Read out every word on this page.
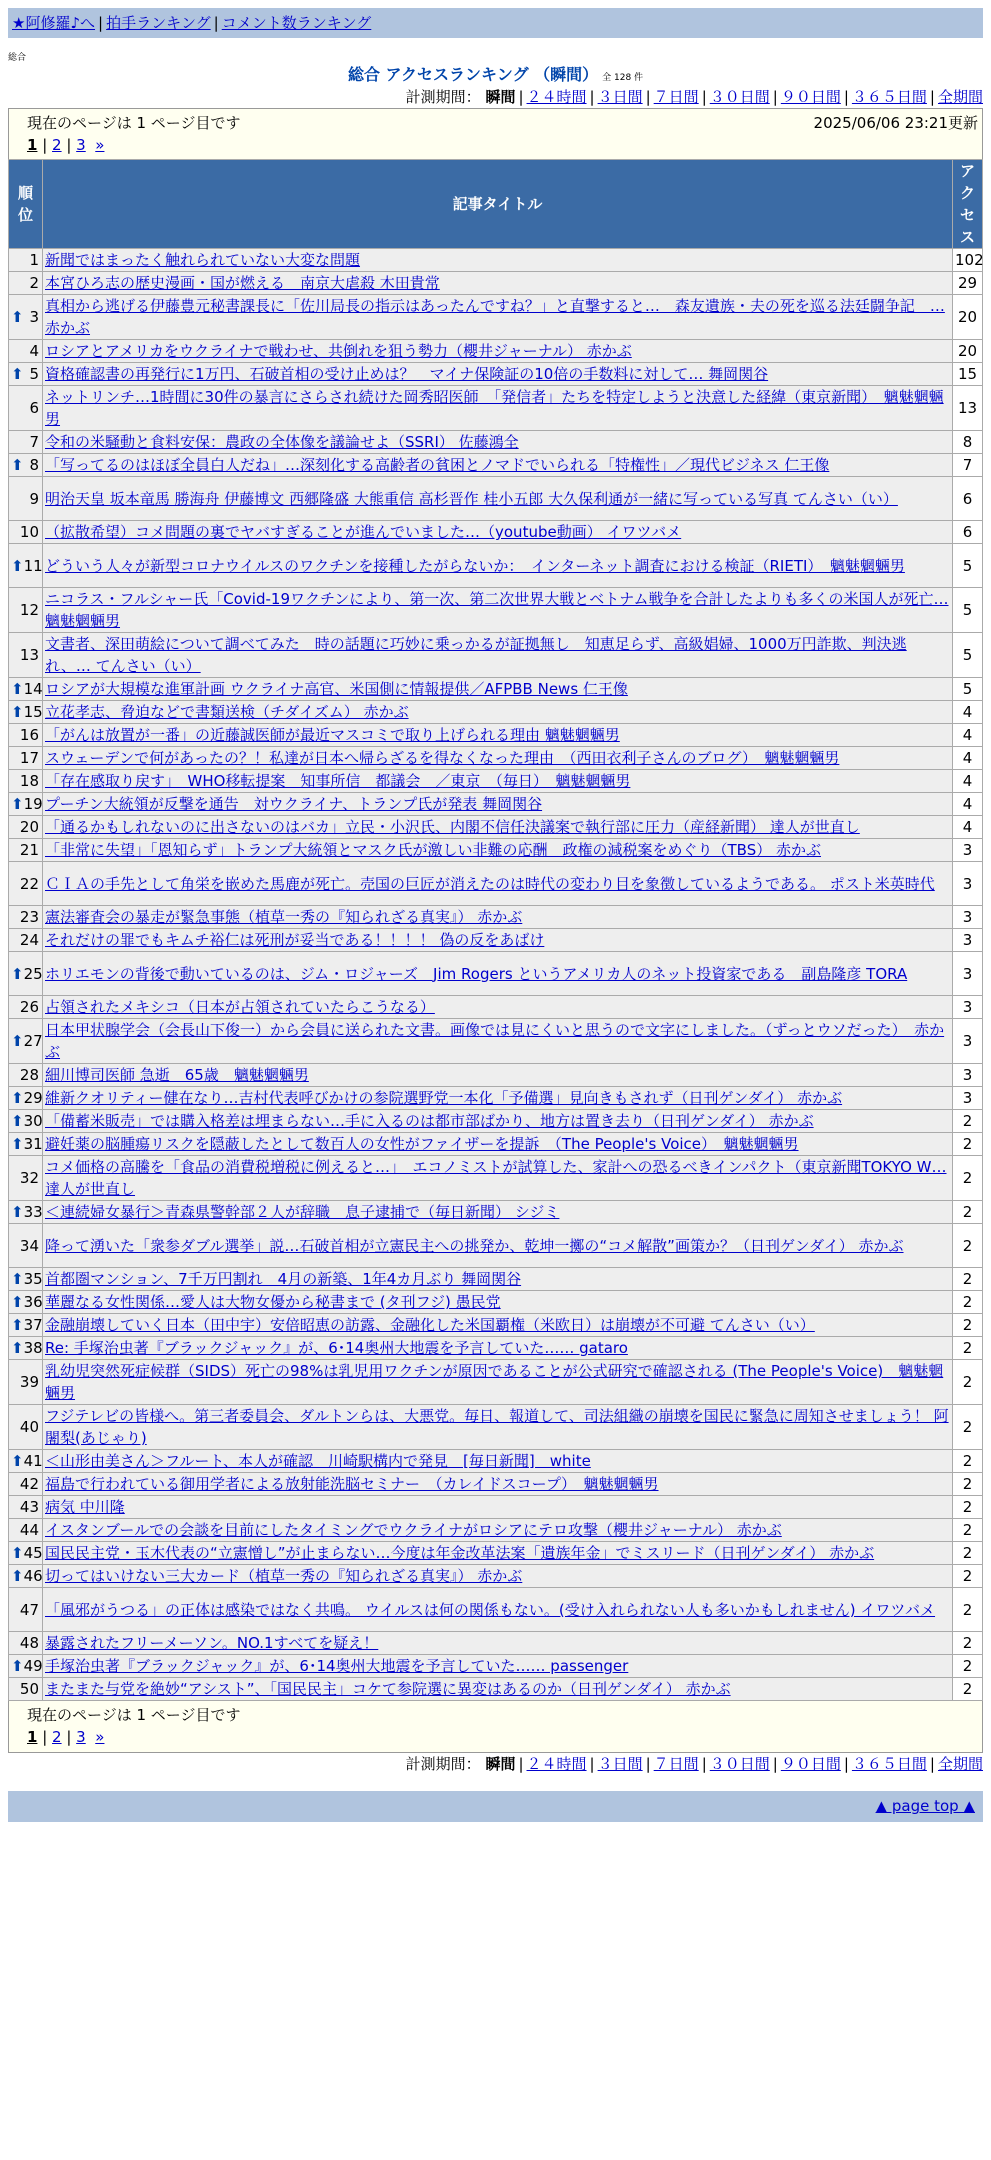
★阿修羅♪へ | 拍手ランキング | コメント数ランキング
総合
総合 アクセスランキング （瞬間） 全 128 件
計測期間： 瞬間 | ２４時間 | ３日間 | ７日間 | ３０日間 | ９０日間 | ３６５日間 | 全期間
現在のページは 1 ページ目です	2025/06/06 23:21更新
1 | 2 | 3 »
順位	記事タイトル	アクセス
1	新聞ではまったく触れられていない大変な問題	102
2	本宮ひろ志の歴史漫画・国が燃える　南京大虐殺 木田貴常	29

⬆ 3	真相から逃げる伊藤豊元秘書課長に「佐川局長の指示はあったんですね？」と直撃すると…　森友遺族・夫の死を巡る法廷闘争記　… 赤かぶ	20
4	ロシアとアメリカをウクライナで戦わせ、共倒れを狙う勢力（櫻井ジャーナル） 赤かぶ	20

⬆ 5	資格確認書の再発行に1万円、石破首相の受け止めは？　マイナ保険証の10倍の手数料に対して… 舞岡関谷	15
6	ネットリンチ…1時間に30件の暴言にさらされ続けた岡秀昭医師　「発信者」たちを特定しようと決意した経緯（東京新聞）　魑魅魍魎男	13
7	令和の米騒動と食料安保：農政の全体像を議論せよ（SSRI） 佐藤鴻全	8

⬆ 8	「写ってるのはほぼ全員白人だね」…深刻化する高齢者の貧困とノマドでいられる「特権性」／現代ビジネス 仁王像	7
9	明治天皇 坂本竜馬 勝海舟 伊藤博文 西郷隆盛 大熊重信 高杉晋作 桂小五郎 大久保利通が一緒に写っている写真 てんさい（い）	6
10	（拡散希望）コメ問題の裏でヤバすぎることが進んでいました…（youtube動画） イワツバメ	6

⬆ 11	どういう人々が新型コロナウイルスのワクチンを接種したがらないか：　インターネット調査における検証（RIETI）　魑魅魍魎男	5
12	ニコラス・フルシャー氏「Covid-19ワクチンにより、第一次、第二次世界大戦とベトナム戦争を合計したよりも多くの米国人が死亡… 魑魅魍魎男	5
13	文書者、深田萌絵について調べてみた　時の話題に巧妙に乗っかるが証拠無し　知恵足らず、高級娼婦、1000万円詐欺、判決逃れ、… てんさい（い）	5

⬆ 14	ロシアが大規模な進軍計画 ウクライナ高官、米国側に情報提供／AFPBB News 仁王像	5

⬆ 15	立花孝志、脅迫などで書類送検（チダイズム） 赤かぶ	4
16	「がんは放置が一番」の近藤誠医師が最近マスコミで取り上げられる理由 魑魅魍魎男	4
17	スウェーデンで何があったの？！私達が日本へ帰らざるを得なくなった理由　（西田衣利子さんのブログ）　魑魅魍魎男	4
18	「存在感取り戻す」　WHO移転提案　知事所信　都議会　／東京　（毎日）　魑魅魍魎男	4

⬆ 19	プーチン大統領が反撃を通告　対ウクライナ、トランプ氏が発表 舞岡関谷	4
20	「通るかもしれないのに出さないのはバカ」立民・小沢氏、内閣不信任決議案で執行部に圧力（産経新聞） 達人が世直し	4
21	「非常に失望」「恩知らず」トランプ大統領とマスク氏が激しい非難の応酬　政権の減税案をめぐり（TBS） 赤かぶ	3
22	ＣＩＡの手先として角栄を嵌めた馬鹿が死亡。売国の巨匠が消えたのは時代の変わり目を象徴しているようである。 ポスト米英時代	3
23	憲法審査会の暴走が緊急事態（植草一秀の『知られざる真実』） 赤かぶ	3
24	それだけの罪でもキムチ裕仁は死刑が妥当である！！！！ 偽の反をあばけ	3

⬆ 25	ホリエモンの背後で動いているのは、ジム・ロジャーズ　Jim Rogers というアメリカ人のネット投資家である　副島隆彦 TORA	3
26	占領されたメキシコ（日本が占領されていたらこうなる）	3

⬆ 27	日本甲状腺学会（会長山下俊一）から会員に送られた文書。画像では見にくいと思うので文字にしました。（ずっとウソだった）　赤かぶ	3
28	細川博司医師 急逝　65歳　魑魅魍魎男	3

⬆ 29	維新クオリティー健在なり…吉村代表呼びかけの参院選野党一本化「予備選」見向きもされず（日刊ゲンダイ） 赤かぶ	3

⬆ 30	「備蓄米販売」では購入格差は埋まらない…手に入るのは都市部ばかり、地方は置き去り（日刊ゲンダイ） 赤かぶ	2

⬆ 31	避妊薬の脳腫瘍リスクを隠蔽したとして数百人の女性がファイザーを提訴　（The People's Voice）　魑魅魍魎男	2
32	コメ価格の高騰を「食品の消費税増税に例えると…」　エコノミストが試算した、家計への恐るべきインパクト（東京新聞TOKYO W… 達人が世直し	2

⬆ 33	＜連続婦女暴行＞青森県警幹部２人が辞職　息子逮捕で（毎日新聞） シジミ	2
34	降って湧いた「衆参ダブル選挙」説…石破首相が立憲民主への挑発か、乾坤一擲の“コメ解散”画策か？（日刊ゲンダイ） 赤かぶ	2

⬆ 35	首都圏マンション、7千万円割れ　4月の新築、1年4カ月ぶり 舞岡関谷	2

⬆ 36	華麗なる女性関係…愛人は大物女優から秘書まで (タ刊フジ) 愚民党	2

⬆ 37	金融崩壊していく日本（田中宇）安倍昭恵の訪露、金融化した米国覇権（米欧日）は崩壊が不可避 てんさい（い）	2

⬆ 38	Re: 手塚治虫著『ブラックジャック』が、6･14奥州大地震を予言していた…… gataro	2
39	乳幼児突然死症候群（SIDS）死亡の98%は乳児用ワクチンが原因であることが公式研究で確認される (The People's Voice)　魑魅魍魎男	2
40	フジテレビの皆様へ。第三者委員会、ダルトンらは、大悪党。毎日、報道して、司法組織の崩壊を国民に緊急に周知させましょう！ 阿闍梨(あじゃり)	2

⬆ 41	＜山形由美さん＞フルート、本人が確認　川崎駅構内で発見　[毎日新聞]　white	2
42	福島で行われている御用学者による放射能洗脳セミナー　（カレイドスコープ）　魑魅魍魎男	2
43	病気 中川隆	2
44	イスタンブールでの会談を目前にしたタイミングでウクライナがロシアにテロ攻撃（櫻井ジャーナル） 赤かぶ	2

⬆ 45	国民民主党・玉木代表の“立憲憎し”が止まらない…今度は年金改革法案「遺族年金」でミスリード（日刊ゲンダイ） 赤かぶ	2

⬆ 46	切ってはいけない三大カード（植草一秀の『知られざる真実』） 赤かぶ	2
47	「風邪がうつる」の正体は感染ではなく共鳴。 ウイルスは何の関係もない。(受け入れられない人も多いかもしれません) イワツバメ	2
48	暴露されたフリーメーソン。NO.1すべてを疑え！	2

⬆ 49	手塚治虫著『ブラックジャック』が、6･14奥州大地震を予言していた…… passenger	2
50	またまた与党を絶妙“アシスト”、「国民民主」コケて参院選に異変はあるのか（日刊ゲンダイ） 赤かぶ	2
現在のページは 1 ページ目です
1 | 2 | 3 »
計測期間： 瞬間 | ２４時間 | ３日間 | ７日間 | ３０日間 | ９０日間 | ３６５日間 | 全期間
▲ page top ▲
